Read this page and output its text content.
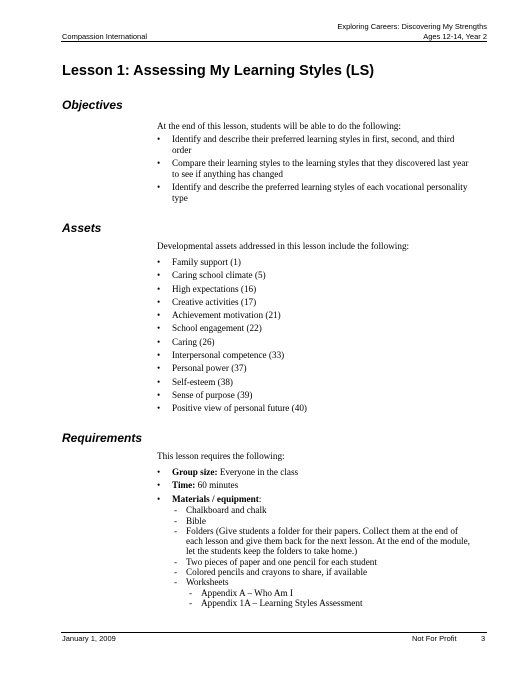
Exploring Careers: Discovering My Strengths
Ages 12-14, Year 2
Compassion International
Lesson 1: Assessing My Learning Styles (LS)
Objectives
At the end of this lesson, students will be able to do the following:
• Identify and describe their preferred learning styles in first, second, and third
order
• Compare their learning styles to the learning styles that they discovered last year
to see if anything has changed
• Identify and describe the preferred learning styles of each vocational personality
type
Assets
Developmental assets addressed in this lesson include the following:
• Family support (1)
• Caring school climate (5)
• High expectations (16)
• Creative activities (17)
• Achievement motivation (21)
• School engagement (22)
• Caring (26)
• Interpersonal competence (33)
• Personal power (37)
• Self-esteem (38)
• Sense of purpose (39)
• Positive view of personal future (40)
Requirements
This lesson requires the following:
• Group size: Everyone in the class
• Time: 60 minutes
• Materials / equipment:
- Chalkboard and chalk
- Bible
- Folders (Give students a folder for their papers. Collect them at the end of
each lesson and give them back for the next lesson. At the end of the module,
let the students keep the folders to take home.)
- Two pieces of paper and one pencil for each student
- Colored pencils and crayons to share, if available
- Worksheets
- Appendix A – Who Am I
- Appendix 1A – Learning Styles Assessment
January 1, 2009	Not For Profit	3
